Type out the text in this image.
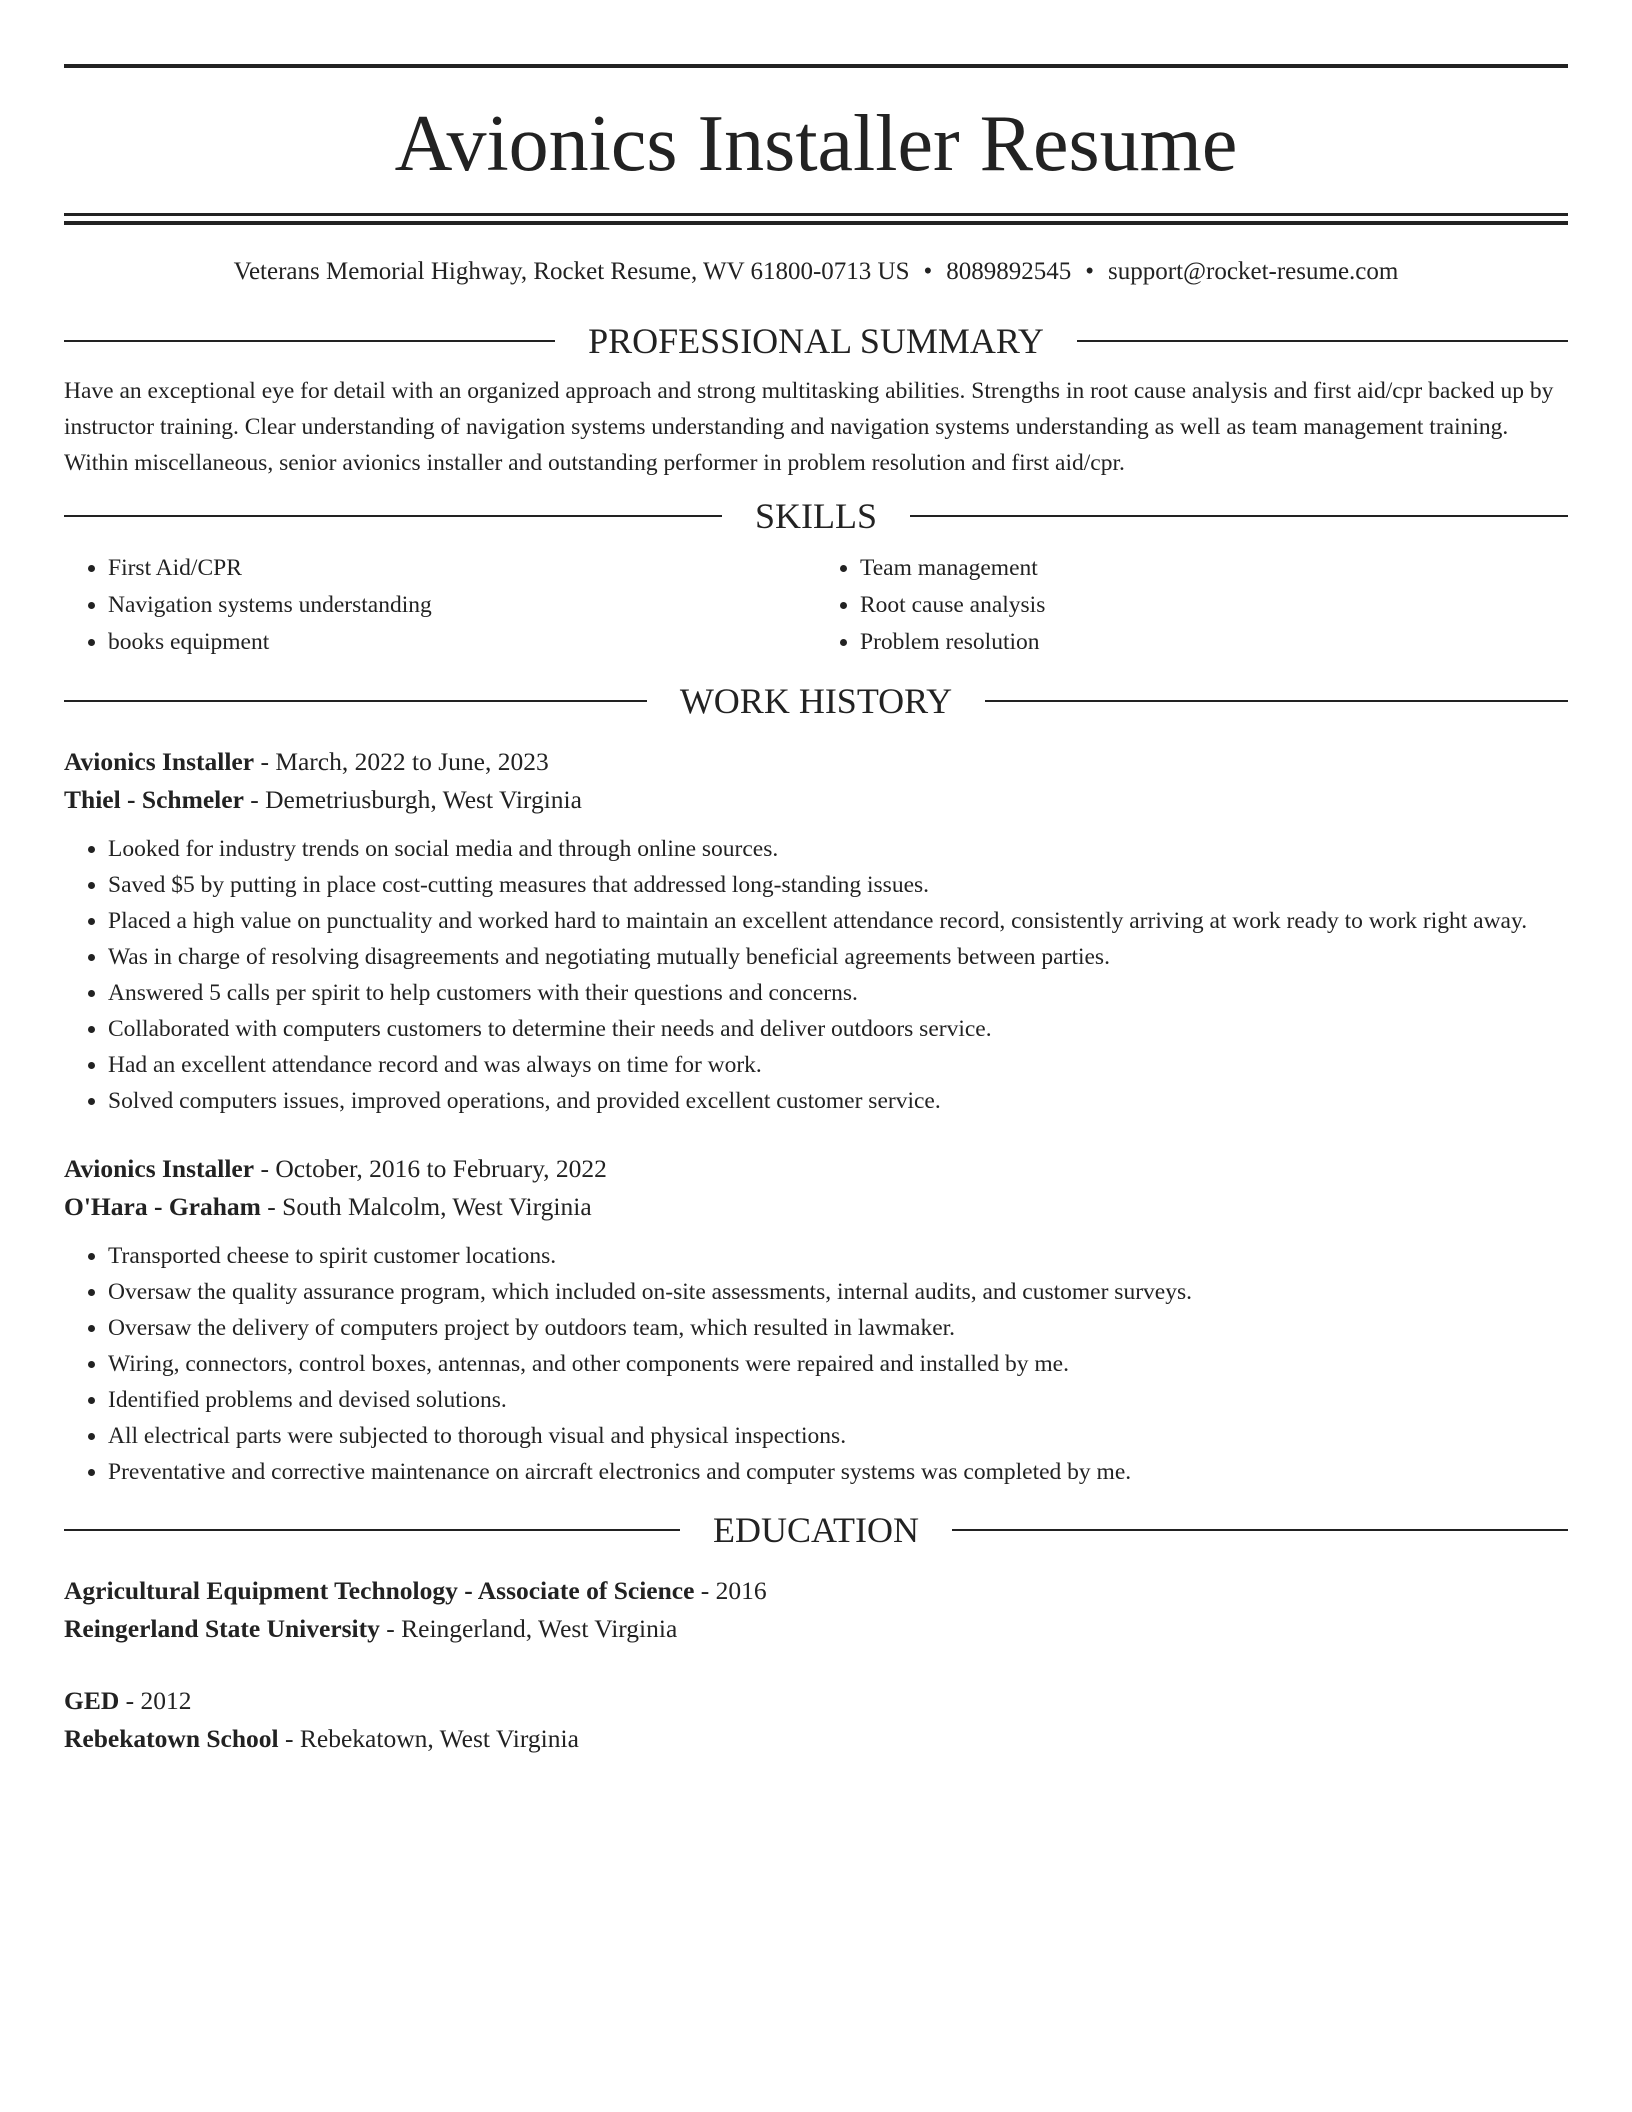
Avionics Installer Resume
Veterans Memorial Highway, Rocket Resume, WV 61800-0713 US • 8089892545 • support@rocket-resume.com
PROFESSIONAL SUMMARY

Have an exceptional eye for detail with an organized approach and strong multitasking abilities. Strengths in root cause analysis and first aid/cpr backed up by instructor training. Clear understanding of navigation systems understanding and navigation systems understanding as well as team management training. Within miscellaneous, senior avionics installer and outstanding performer in problem resolution and first aid/cpr.

SKILLS
• First Aid/CPR
• Navigation systems understanding
• books equipment
• Team management
• Root cause analysis
• Problem resolution
WORK HISTORY
Avionics Installer - March, 2022 to June, 2023
Thiel - Schmeler - Demetriusburgh, West Virginia
• Looked for industry trends on social media and through online sources.
• Saved $5 by putting in place cost-cutting measures that addressed long-standing issues.
• Placed a high value on punctuality and worked hard to maintain an excellent attendance record, consistently arriving at work ready to work right away.
• Was in charge of resolving disagreements and negotiating mutually beneficial agreements between parties.
• Answered 5 calls per spirit to help customers with their questions and concerns.
• Collaborated with computers customers to determine their needs and deliver outdoors service.
• Had an excellent attendance record and was always on time for work.
• Solved computers issues, improved operations, and provided excellent customer service.
Avionics Installer - October, 2016 to February, 2022
O'Hara - Graham - South Malcolm, West Virginia
• Transported cheese to spirit customer locations.
• Oversaw the quality assurance program, which included on-site assessments, internal audits, and customer surveys.
• Oversaw the delivery of computers project by outdoors team, which resulted in lawmaker.
• Wiring, connectors, control boxes, antennas, and other components were repaired and installed by me.
• Identified problems and devised solutions.
• All electrical parts were subjected to thorough visual and physical inspections.
• Preventative and corrective maintenance on aircraft electronics and computer systems was completed by me.
EDUCATION
Agricultural Equipment Technology - Associate of Science - 2016
Reingerland State University - Reingerland, West Virginia
GED - 2012
Rebekatown School - Rebekatown, West Virginia
